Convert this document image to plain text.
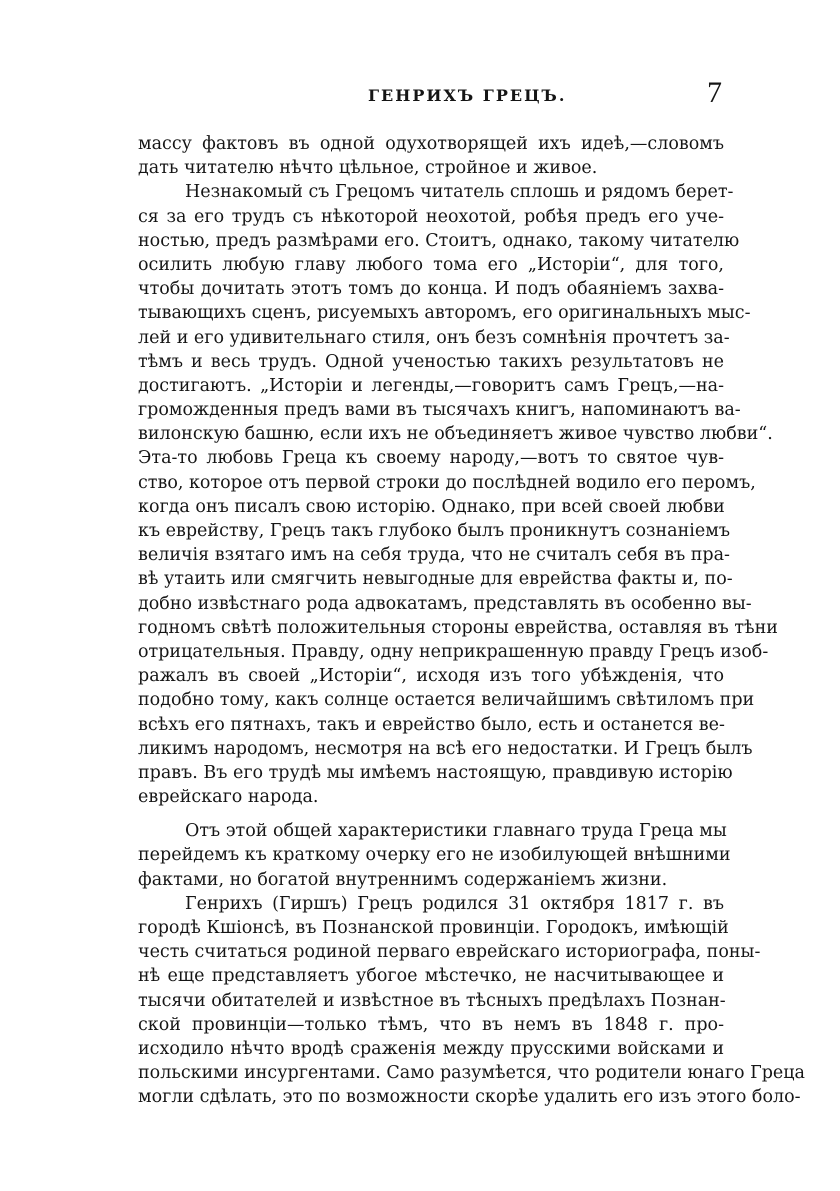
ГЕНРИХЪ ГРЕЦЪ.	7
массу фактовъ въ одной одухотворящей ихъ идеѣ,—словомъ
дать читателю нѣчто цѣльное, стройное и живое.
Незнакомый съ Грецомъ читатель сплошь и рядомъ берет-
ся за его трудъ съ нѣкоторой неохотой, робѣя предъ его уче-
ностью, предъ размѣрами его. Стоитъ, однако, такому читателю
осилить любую главу любого тома его „Исторіи“, для того,
чтобы дочитать этотъ томъ до конца. И подъ обаяніемъ захва-
тывающихъ сценъ, рисуемыхъ авторомъ, его оригинальныхъ мыс-
лей и его удивительнаго стиля, онъ безъ сомнѣнія прочтетъ за-
тѣмъ и весь трудъ. Одной ученостью такихъ результатовъ не
достигаютъ. „Исторіи и легенды,—говоритъ самъ Грецъ,—на-
громожденныя предъ вами въ тысячахъ книгъ, напоминаютъ ва-
вилонскую башню, если ихъ не объединяетъ живое чувство любви“.
Эта-то любовь Греца къ своему народу,—вотъ то святое чув-
ство, которое отъ первой строки до послѣдней водило его перомъ,
когда онъ писалъ свою исторію. Однако, при всей своей любви
къ еврейству, Грецъ такъ глубоко былъ проникнутъ сознаніемъ
величія взятаго имъ на себя труда, что не считалъ себя въ пра-
вѣ утаить или смягчить невыгодные для еврейства факты и, по-
добно извѣстнаго рода адвокатамъ, представлять въ особенно вы-
годномъ свѣтѣ положительныя стороны еврейства, оставляя въ тѣни
отрицательныя. Правду, одну неприкрашенную правду Грецъ изоб-
ражалъ въ своей „Исторіи“, исходя изъ того убѣжденія, что
подобно тому, какъ солнце остается величайшимъ свѣтиломъ при
всѣхъ его пятнахъ, такъ и еврейство было, есть и останется ве-
ликимъ народомъ, несмотря на всѣ его недостатки. И Грецъ былъ
правъ. Въ его трудѣ мы имѣемъ настоящую, правдивую исторію
еврейскаго народа.
Отъ этой общей характеристики главнаго труда Греца мы
перейдемъ къ краткому очерку его не изобилующей внѣшними
фактами, но богатой внутреннимъ содержаніемъ жизни.
Генрихъ (Гиршъ) Грецъ родился 31 октября 1817 г. въ
городѣ Кшіонсѣ, въ Познанской провинціи. Городокъ, имѣющій
честь считаться родиной перваго еврейскаго историографа, поны-
нѣ еще представляетъ убогое мѣстечко, не насчитывающее и
тысячи обитателей и извѣстное въ тѣсныхъ предѣлахъ Познан-
ской провинціи—только тѣмъ, что въ немъ въ 1848 г. про-
исходило нѣчто вродѣ сраженія между прусскими войсками и
польскими инсургентами. Само разумѣется, что родители юнаго Греца
могли сдѣлать, это по возможности скорѣе удалить его изъ этого боло-
